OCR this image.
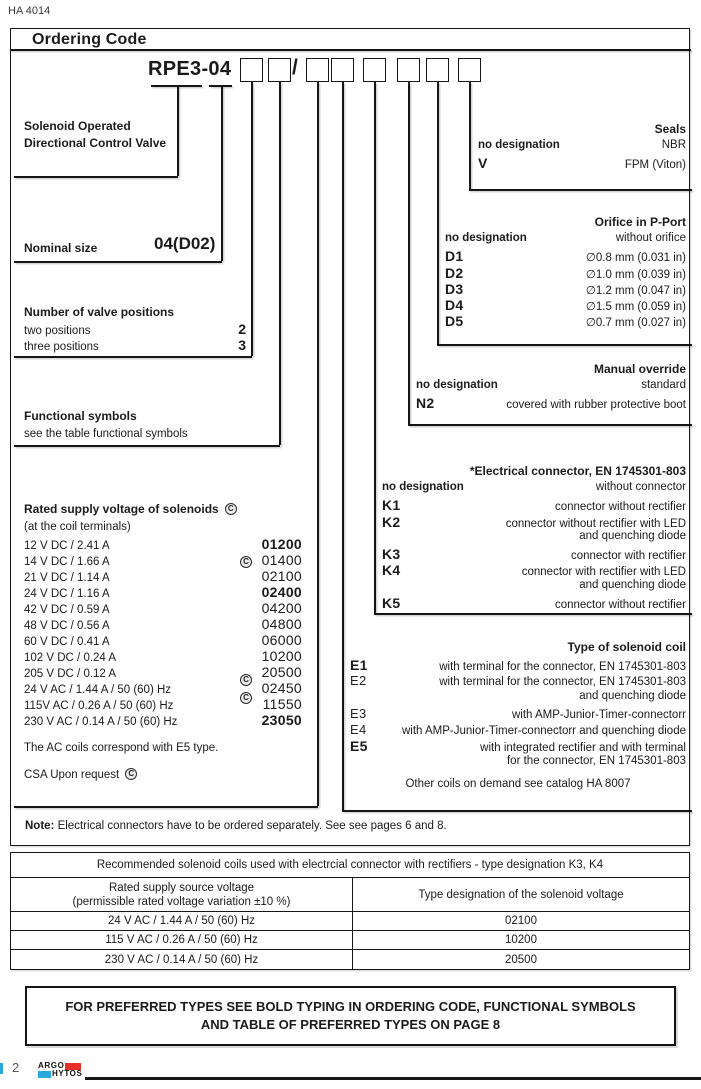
HA 4014
Ordering Code
RPE3-04	/
Solenoid Operated
Directional Control Valve
Nominal size	04(D02)
Number of valve positions
two positions	2
three positions	3
Functional symbols
see the table functional symbols
Rated supply voltage of solenoidsC
(at the coil terminals)
12 V DC / 2.41 A	01200
14 V DC / 1.66 A	01400
21 V DC / 1.14 A	02100
24 V DC / 1.16 A	02400
42 V DC / 0.59 A	04200
48 V DC / 0.56 A	04800
60 V DC / 0.41 A	06000
102 V DC / 0.24 A	10200
205 V DC / 0.12 A	20500
24 V AC / 1.44 A / 50 (60) Hz	02450
115V AC / 0.26 A / 50 (60) Hz	11550
230 V AC / 0.14 A / 50 (60) Hz	23050
C
C
C
The AC coils correspond with E5 type.
CSA Upon requestC
Seals
no designation	NBR
V	FPM (Viton)
Orifice in P-Port
no designation	without orifice
D1	∅0.8 mm (0.031 in)
D2	∅1.0 mm (0.039 in)
D3	∅1.2 mm (0.047 in)
D4	∅1.5 mm (0.059 in)
D5	∅0.7 mm (0.027 in)
Manual override
no designation	standard
N2	covered with rubber protective boot
*Electrical connector, EN 1745301-803
no designation	without connector
K1	connector without rectifier
K2	connector without rectifier with LED
and quenching diode
K3	connector with rectifier
K4	connector with rectifier with LED
and quenching diode
K5	connector without rectifier
Type of solenoid coil
E1	with terminal for the connector, EN 1745301-803
E2	with terminal for the connector, EN 1745301-803
and quenching diode
E3	with AMP-Junior-Timer-connectorr
E4	with AMP-Junior-Timer-connectorr and quenching diode
E5	with integrated rectifier and with terminal
for the connector, EN 1745301-803
Other coils on demand see catalog HA 8007
Note: Electrical connectors have to be ordered separately. See see pages 6 and 8.
Recommended solenoid coils used with electrcial connector with rectifiers - type designation K3, K4
Rated supply source voltage
(permissible rated voltage variation ±10 %)
Type designation of the solenoid voltage
24 V AC / 1.44 A / 50 (60) Hz	02100
115 V AC / 0.26 A / 50 (60) Hz	10200
230 V AC / 0.14 A / 50 (60) Hz	20500
FOR PREFERRED TYPES SEE BOLD TYPING IN ORDERING CODE, FUNCTIONAL SYMBOLS
AND TABLE OF PREFERRED TYPES ON PAGE 8
2 ARGO
HYTOS
